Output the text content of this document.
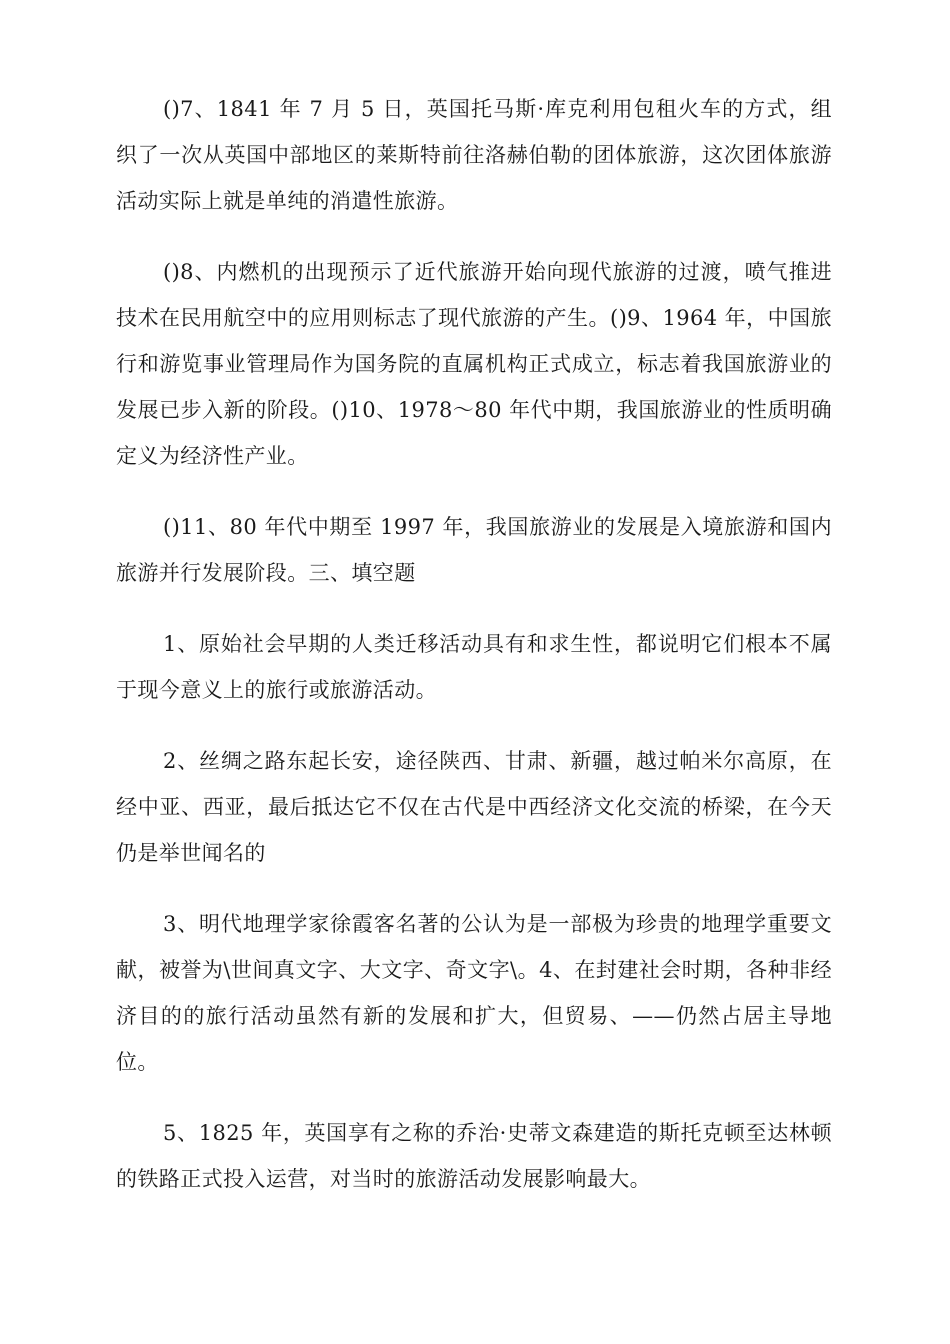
()7、1841 年 7 月 5 日，英国托马斯·库克利用包租火车的方式，组织了一次从英国中部地区的莱斯特前往洛赫伯勒的团体旅游，这次团体旅游活动实际上就是单纯的消遣性旅游。

()8、内燃机的出现预示了近代旅游开始向现代旅游的过渡，喷气推进技术在民用航空中的应用则标志了现代旅游的产生。()9、1964 年，中国旅行和游览事业管理局作为国务院的直属机构正式成立，标志着我国旅游业的发展已步入新的阶段。()10、1978～80 年代中期，我国旅游业的性质明确定义为经济性产业。

()11、80 年代中期至 1997 年，我国旅游业的发展是入境旅游和国内旅游并行发展阶段。三、填空题

1、原始社会早期的人类迁移活动具有和求生性，都说明它们根本不属于现今意义上的旅行或旅游活动。

2、丝绸之路东起长安，途径陕西、甘肃、新疆，越过帕米尔高原，在经中亚、西亚，最后抵达它不仅在古代是中西经济文化交流的桥梁，在今天仍是举世闻名的

3、明代地理学家徐霞客名著的公认为是一部极为珍贵的地理学重要文献，被誉为\世间真文字、大文字、奇文字\。4、在封建社会时期，各种非经济目的的旅行活动虽然有新的发展和扩大，但贸易、——仍然占居主导地位。

5、1825 年，英国享有之称的乔治·史蒂文森建造的斯托克顿至达林顿的铁路正式投入运营，对当时的旅游活动发展影响最大。
